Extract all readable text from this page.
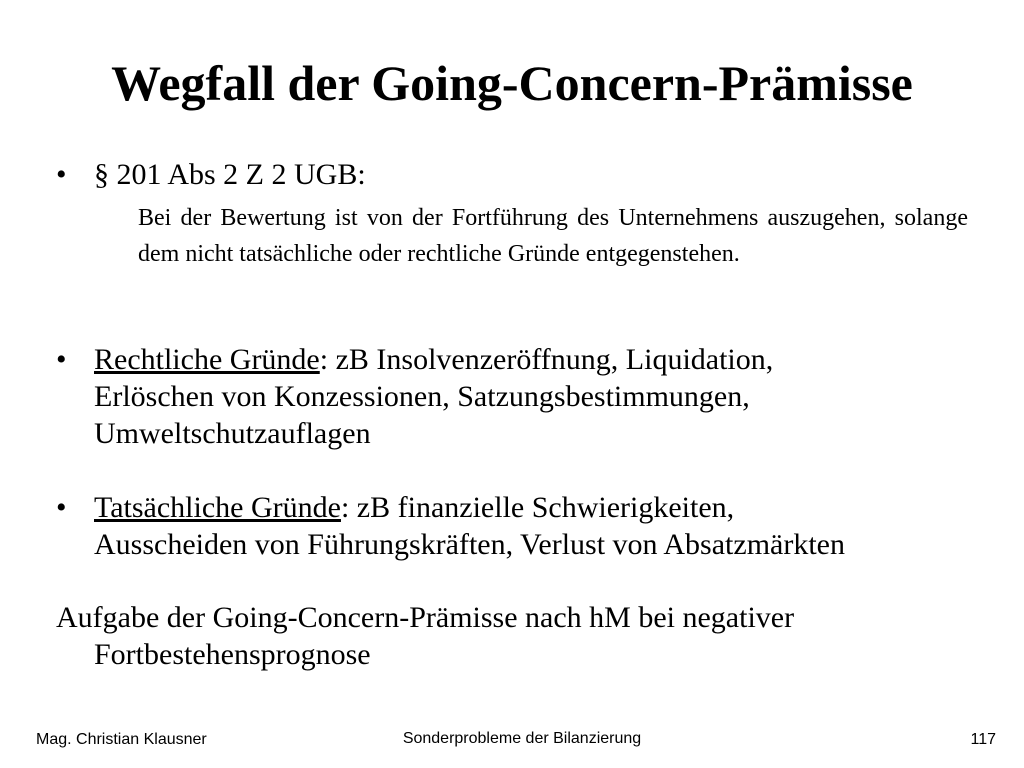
Wegfall der Going-Concern-Prämisse
• § 201 Abs 2 Z 2 UGB:
Bei der Bewertung ist von der Fortführung des Unternehmens auszugehen, solange dem nicht tatsächliche oder rechtliche Gründe entgegenstehen.
• Rechtliche Gründe: zB Insolvenzeröffnung, Liquidation,
Erlöschen von Konzessionen, Satzungsbestimmungen,
Umweltschutzauflagen
• Tatsächliche Gründe: zB finanzielle Schwierigkeiten,
Ausscheiden von Führungskräften, Verlust von Absatzmärkten
Aufgabe der Going-Concern-Prämisse nach hM bei negativer
Fortbestehensprognose
Mag. Christian Klausner	Sonderprobleme der Bilanzierung	117
